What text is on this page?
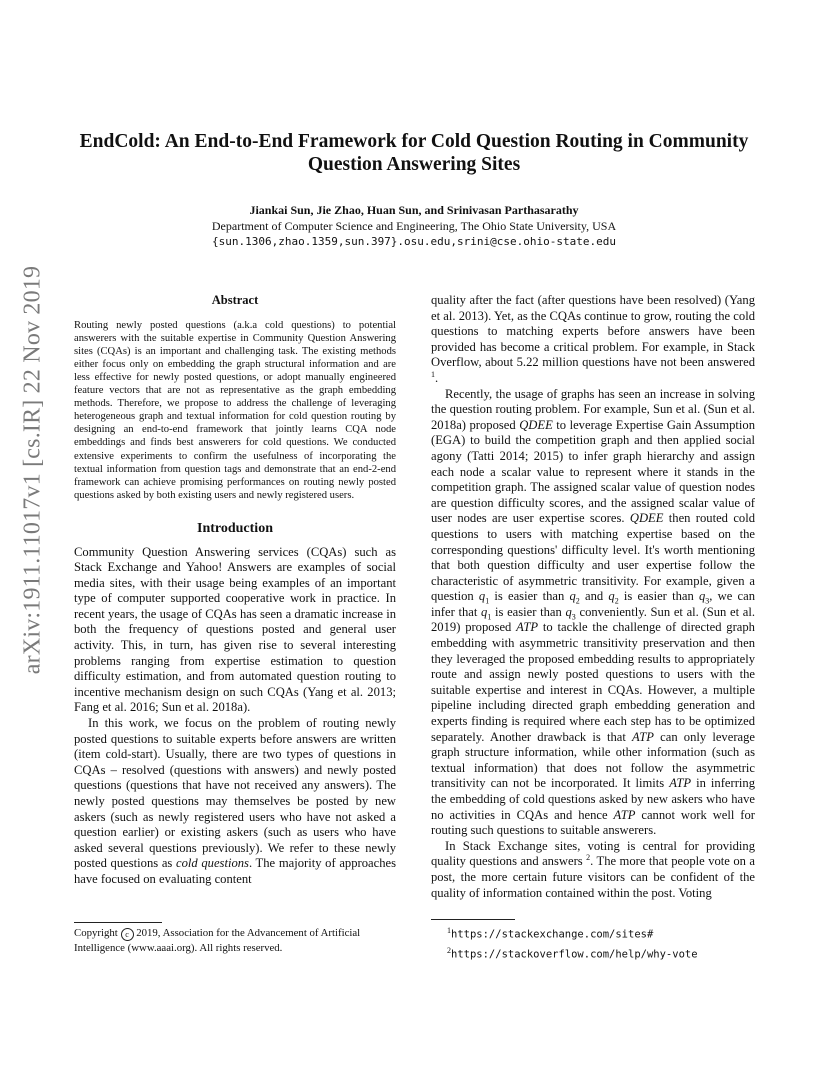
EndCold: An End-to-End Framework for Cold Question Routing in Community Question Answering Sites
Jiankai Sun, Jie Zhao, Huan Sun, and Srinivasan Parthasarathy
Department of Computer Science and Engineering, The Ohio State University, USA
{sun.1306,zhao.1359,sun.397}.osu.edu,srini@cse.ohio-state.edu
arXiv:1911.11017v1 [cs.IR] 22 Nov 2019	Abstract

Routing newly posted questions (a.k.a cold questions) to potential answerers with the suitable expertise in Community Question Answering sites (CQAs) is an important and challenging task. The existing methods either focus only on embedding the graph structural information and are less effective for newly posted questions, or adopt manually engineered feature vectors that are not as representative as the graph embedding methods. Therefore, we propose to address the challenge of leveraging heterogeneous graph and textual information for cold question routing by designing an end-to-end framework that jointly learns CQA node embeddings and finds best answerers for cold questions. We conducted extensive experiments to confirm the usefulness of incorporating the textual information from question tags and demonstrate that an end-2-end framework can achieve promising performances on routing newly posted questions asked by both existing users and newly registered users.

Introduction

Community Question Answering services (CQAs) such as Stack Exchange and Yahoo! Answers are examples of social media sites, with their usage being examples of an important type of computer supported cooperative work in practice. In recent years, the usage of CQAs has seen a dramatic increase in both the frequency of questions posted and general user activity. This, in turn, has given rise to several interesting problems ranging from expertise estimation to question difficulty estimation, and from automated question routing to incentive mechanism design on such CQAs (Yang et al. 2013; Fang et al. 2016; Sun et al. 2018a).

In this work, we focus on the problem of routing newly posted questions to suitable experts before answers are written (item cold-start). Usually, there are two types of questions in CQAs – resolved (questions with answers) and newly posted questions (questions that have not received any answers). The newly posted questions may themselves be posted by new askers (such as newly registered users who have not asked a question earlier) or existing askers (such as users who have asked several questions previously). We refer to these newly posted questions as cold questions. The majority of approaches have focused on evaluating content

quality after the fact (after questions have been resolved) (Yang et al. 2013). Yet, as the CQAs continue to grow, routing the cold questions to matching experts before answers have been provided has become a critical problem. For example, in Stack Overflow, about 5.22 million questions have not been answered $^1$.

Recently, the usage of graphs has seen an increase in solving the question routing problem. For example, Sun et al. (Sun et al. 2018a) proposed QDEE to leverage Expertise Gain Assumption (EGA) to build the competition graph and then applied social agony (Tatti 2014; 2015) to infer graph hierarchy and assign each node a scalar value to represent where it stands in the competition graph. The assigned scalar value of question nodes are question difficulty scores, and the assigned scalar value of user nodes are user expertise scores. QDEE then routed cold questions to users with matching expertise based on the corresponding questions' difficulty level. It's worth mentioning that both question difficulty and user expertise follow the characteristic of asymmetric transitivity. For example, given a question $q_1$ is easier than $q_2$ and $q_2$ is easier than $q_3$, we can infer that $q_1$ is easier than $q_3$ conveniently. Sun et al. (Sun et al. 2019) proposed ATP to tackle the challenge of directed graph embedding with asymmetric transitivity preservation and then they leveraged the proposed embedding results to appropriately route and assign newly posted questions to users with the suitable expertise and interest in CQAs. However, a multiple pipeline including directed graph embedding generation and experts finding is required where each step has to be optimized separately. Another drawback is that ATP can only leverage graph structure information, while other information (such as textual information) that does not follow the asymmetric transitivity can not be incorporated. It limits ATP in inferring the embedding of cold questions asked by new askers who have no activities in CQAs and hence ATP cannot work well for routing such questions to suitable answerers.

In Stack Exchange sites, voting is central for providing quality questions and answers $^2$. The more that people vote on a post, the more certain future visitors can be confident of the quality of information contained within the post. Voting

Copyright c 2019, Association for the Advancement of Artificial Intelligence (www.aaai.org). All rights reserved.
$^1$https://stackexchange.com/sites#
$^2$https://stackoverflow.com/help/why-vote
